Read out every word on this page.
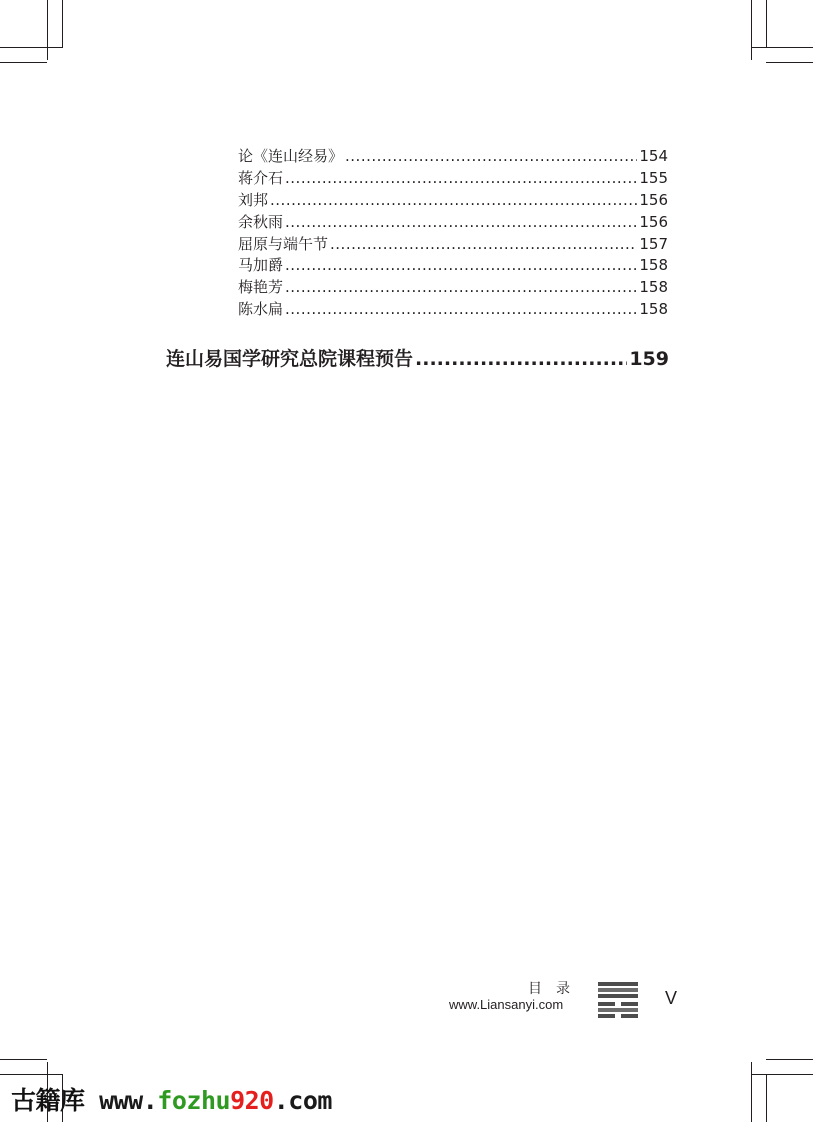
论《连山经易》 .....	154
蒋介石 .....	155
刘邦 .....	156
余秋雨 .....	156
屈原与端午节 .....	157
马加爵 .....	158
梅艳芳 .....	158
陈水扁 .....	158
连山易国学研究总院课程预告 .....	159
目录
www.Liansanyi.com	V
古籍库 www.fozhu920.com
